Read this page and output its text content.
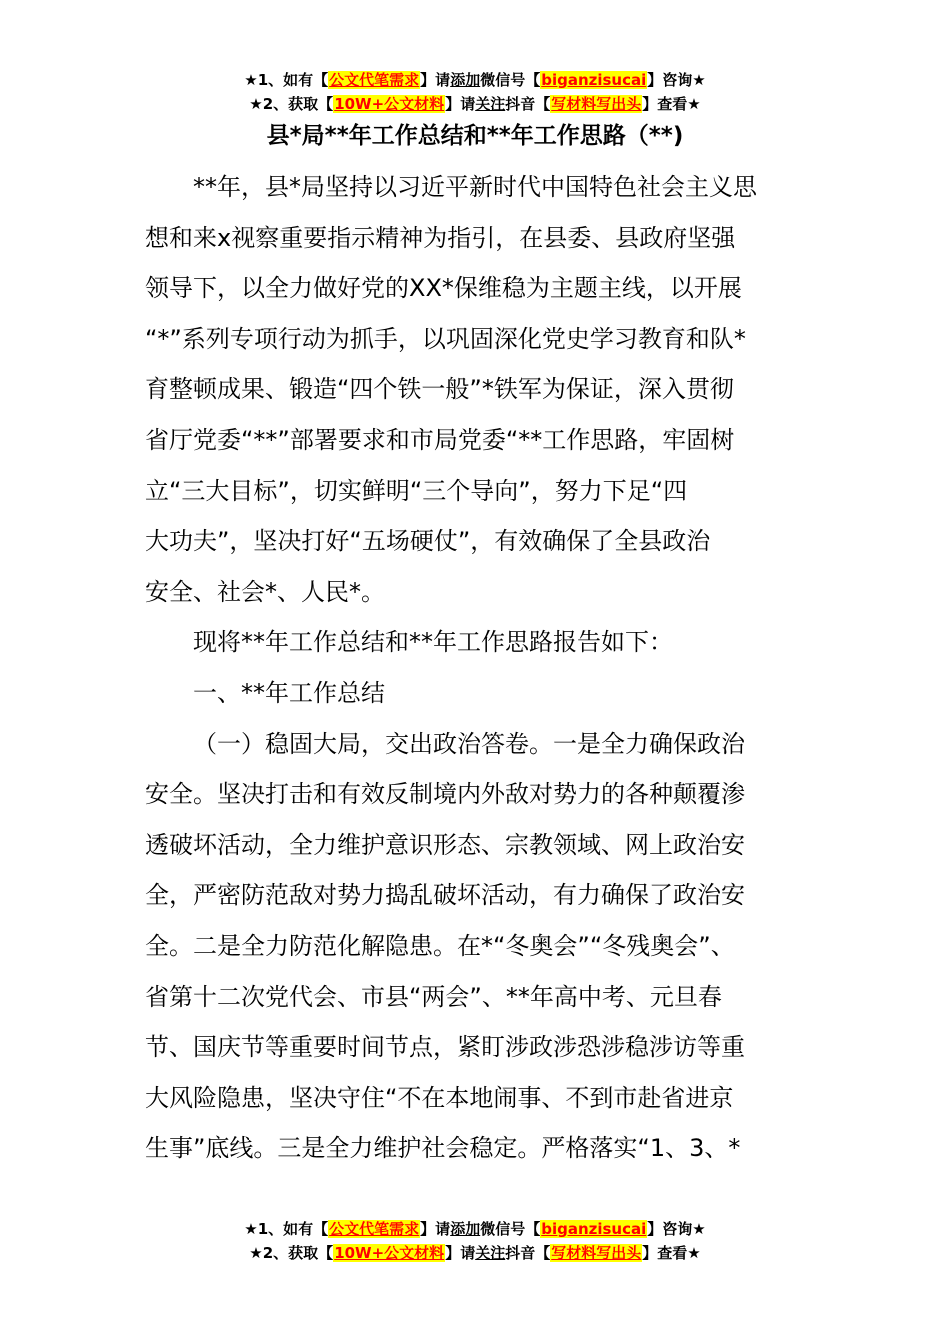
★1、如有【公文代笔需求】请添加微信号【biganzisucai】咨询★
★2、获取【10W+公文材料】请关注抖音【写材料写出头】查看★
县*局**年工作总结和**年工作思路（**)
**年，县*局坚持以习近平新时代中国特色社会主义思
想和来x视察重要指示精神为指引，在县委、县政府坚强
领导下，以全力做好党的XX*保维稳为主题主线，以开展
“*”系列专项行动为抓手，以巩固深化党史学习教育和队*
育整顿成果、锻造“四个铁一般”*铁军为保证，深入贯彻
省厅党委“**”部署要求和市局党委“**工作思路，牢固树
立“三大目标”，切实鲜明“三个导向”，努力下足“四
大功夫”，坚决打好“五场硬仗”，有效确保了全县政治
安全、社会*、人民*。
现将**年工作总结和**年工作思路报告如下：
一、**年工作总结
（一）稳固大局，交出政治答卷。一是全力确保政治
安全。坚决打击和有效反制境内外敌对势力的各种颠覆渗
透破坏活动，全力维护意识形态、宗教领域、网上政治安
全，严密防范敌对势力捣乱破坏活动，有力确保了政治安
全。二是全力防范化解隐患。在*“冬奥会”“冬残奥会”、
省第十二次党代会、市县“两会”、**年高中考、元旦春
节、国庆节等重要时间节点，紧盯涉政涉恐涉稳涉访等重
大风险隐患，坚决守住“不在本地闹事、不到市赴省进京
生事”底线。三是全力维护社会稳定。严格落实“1、3、*
★1、如有【公文代笔需求】请添加微信号【biganzisucai】咨询★
★2、获取【10W+公文材料】请关注抖音【写材料写出头】查看★
